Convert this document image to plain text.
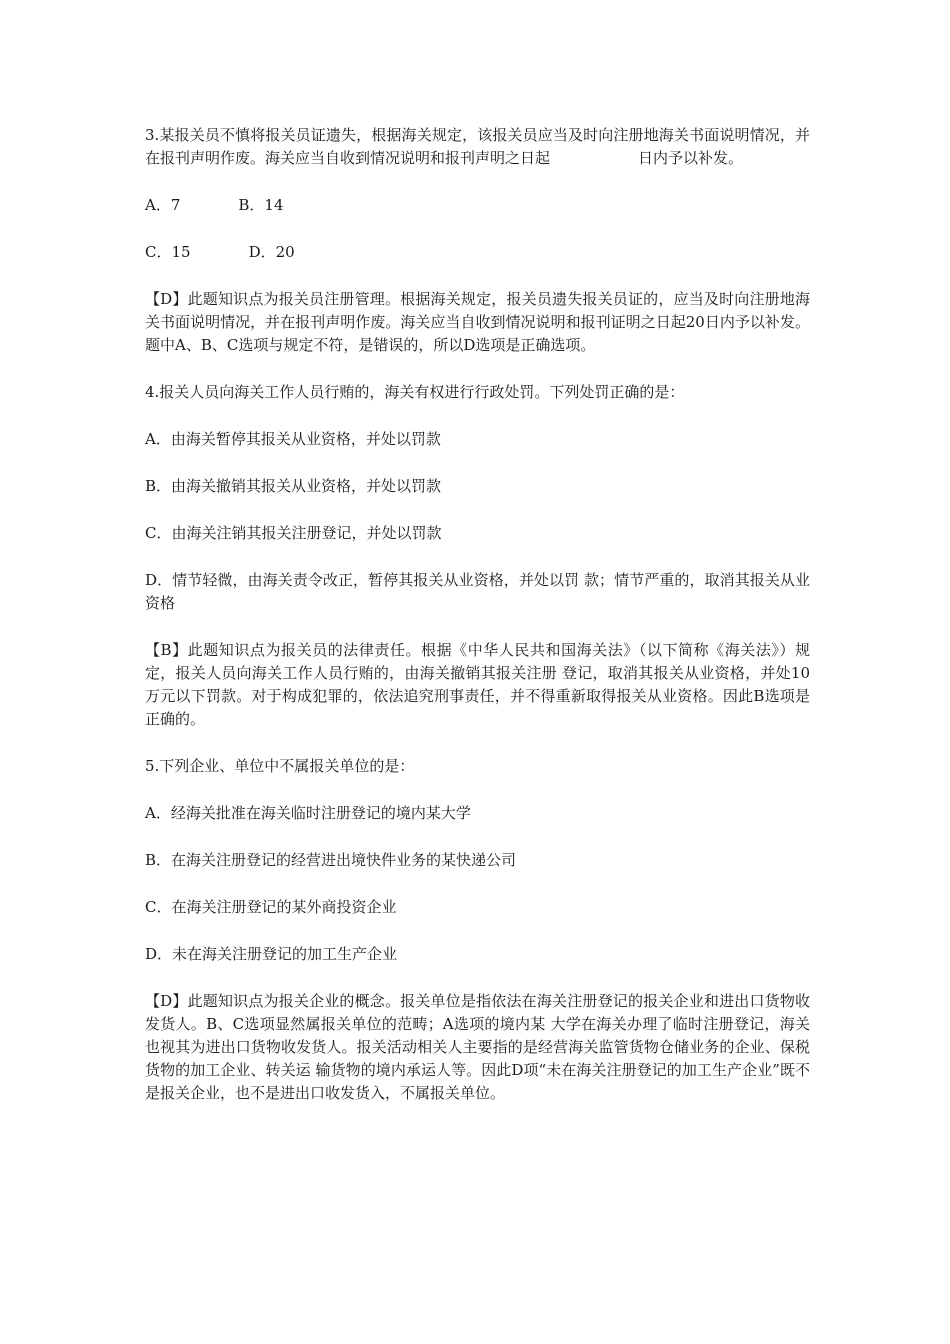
3.某报关员不慎将报关员证遗失，根据海关规定，该报关员应当及时向注册地海关书面说明情况，并在报刊声明作废。海关应当自收到情况说明和报刊声明之日起	日内予以补发。

A．7	B．14
C．15	D．20

【D】此题知识点为报关员注册管理。根据海关规定，报关员遗失报关员证的，应当及时向注册地海关书面说明情况，并在报刊声明作废。海关应当自收到情况说明和报刊证明之日起20日内予以补发。题中A、B、C选项与规定不符，是错误的，所以D选项是正确选项。

4.报关人员向海关工作人员行贿的，海关有权进行行政处罚。下列处罚正确的是：

A．由海关暂停其报关从业资格，并处以罚款

B．由海关撤销其报关从业资格，并处以罚款

C．由海关注销其报关注册登记，并处以罚款

D．情节轻微，由海关责令改正，暂停其报关从业资格，并处以罚 款；情节严重的，取消其报关从业资格

【B】此题知识点为报关员的法律责任。根据《中华人民共和国海关法》（以下简称《海关法》）规定，报关人员向海关工作人员行贿的，由海关撤销其报关注册 登记，取消其报关从业资格，并处10万元以下罚款。对于构成犯罪的，依法追究刑事责任，并不得重新取得报关从业资格。因此B选项是正确的。

5.下列企业、单位中不属报关单位的是：

A．经海关批准在海关临时注册登记的境内某大学

B．在海关注册登记的经营进出境快件业务的某快递公司

C．在海关注册登记的某外商投资企业

D．未在海关注册登记的加工生产企业

【D】此题知识点为报关企业的概念。报关单位是指依法在海关注册登记的报关企业和进出口货物收发货人。B、C选项显然属报关单位的范畴；A选项的境内某 大学在海关办理了临时注册登记，海关也视其为进出口货物收发货人。报关活动相关人主要指的是经营海关监管货物仓储业务的企业、保税货物的加工企业、转关运 输货物的境内承运人等。因此D项“未在海关注册登记的加工生产企业”既不是报关企业，也不是进出口收发货入，不属报关单位。
